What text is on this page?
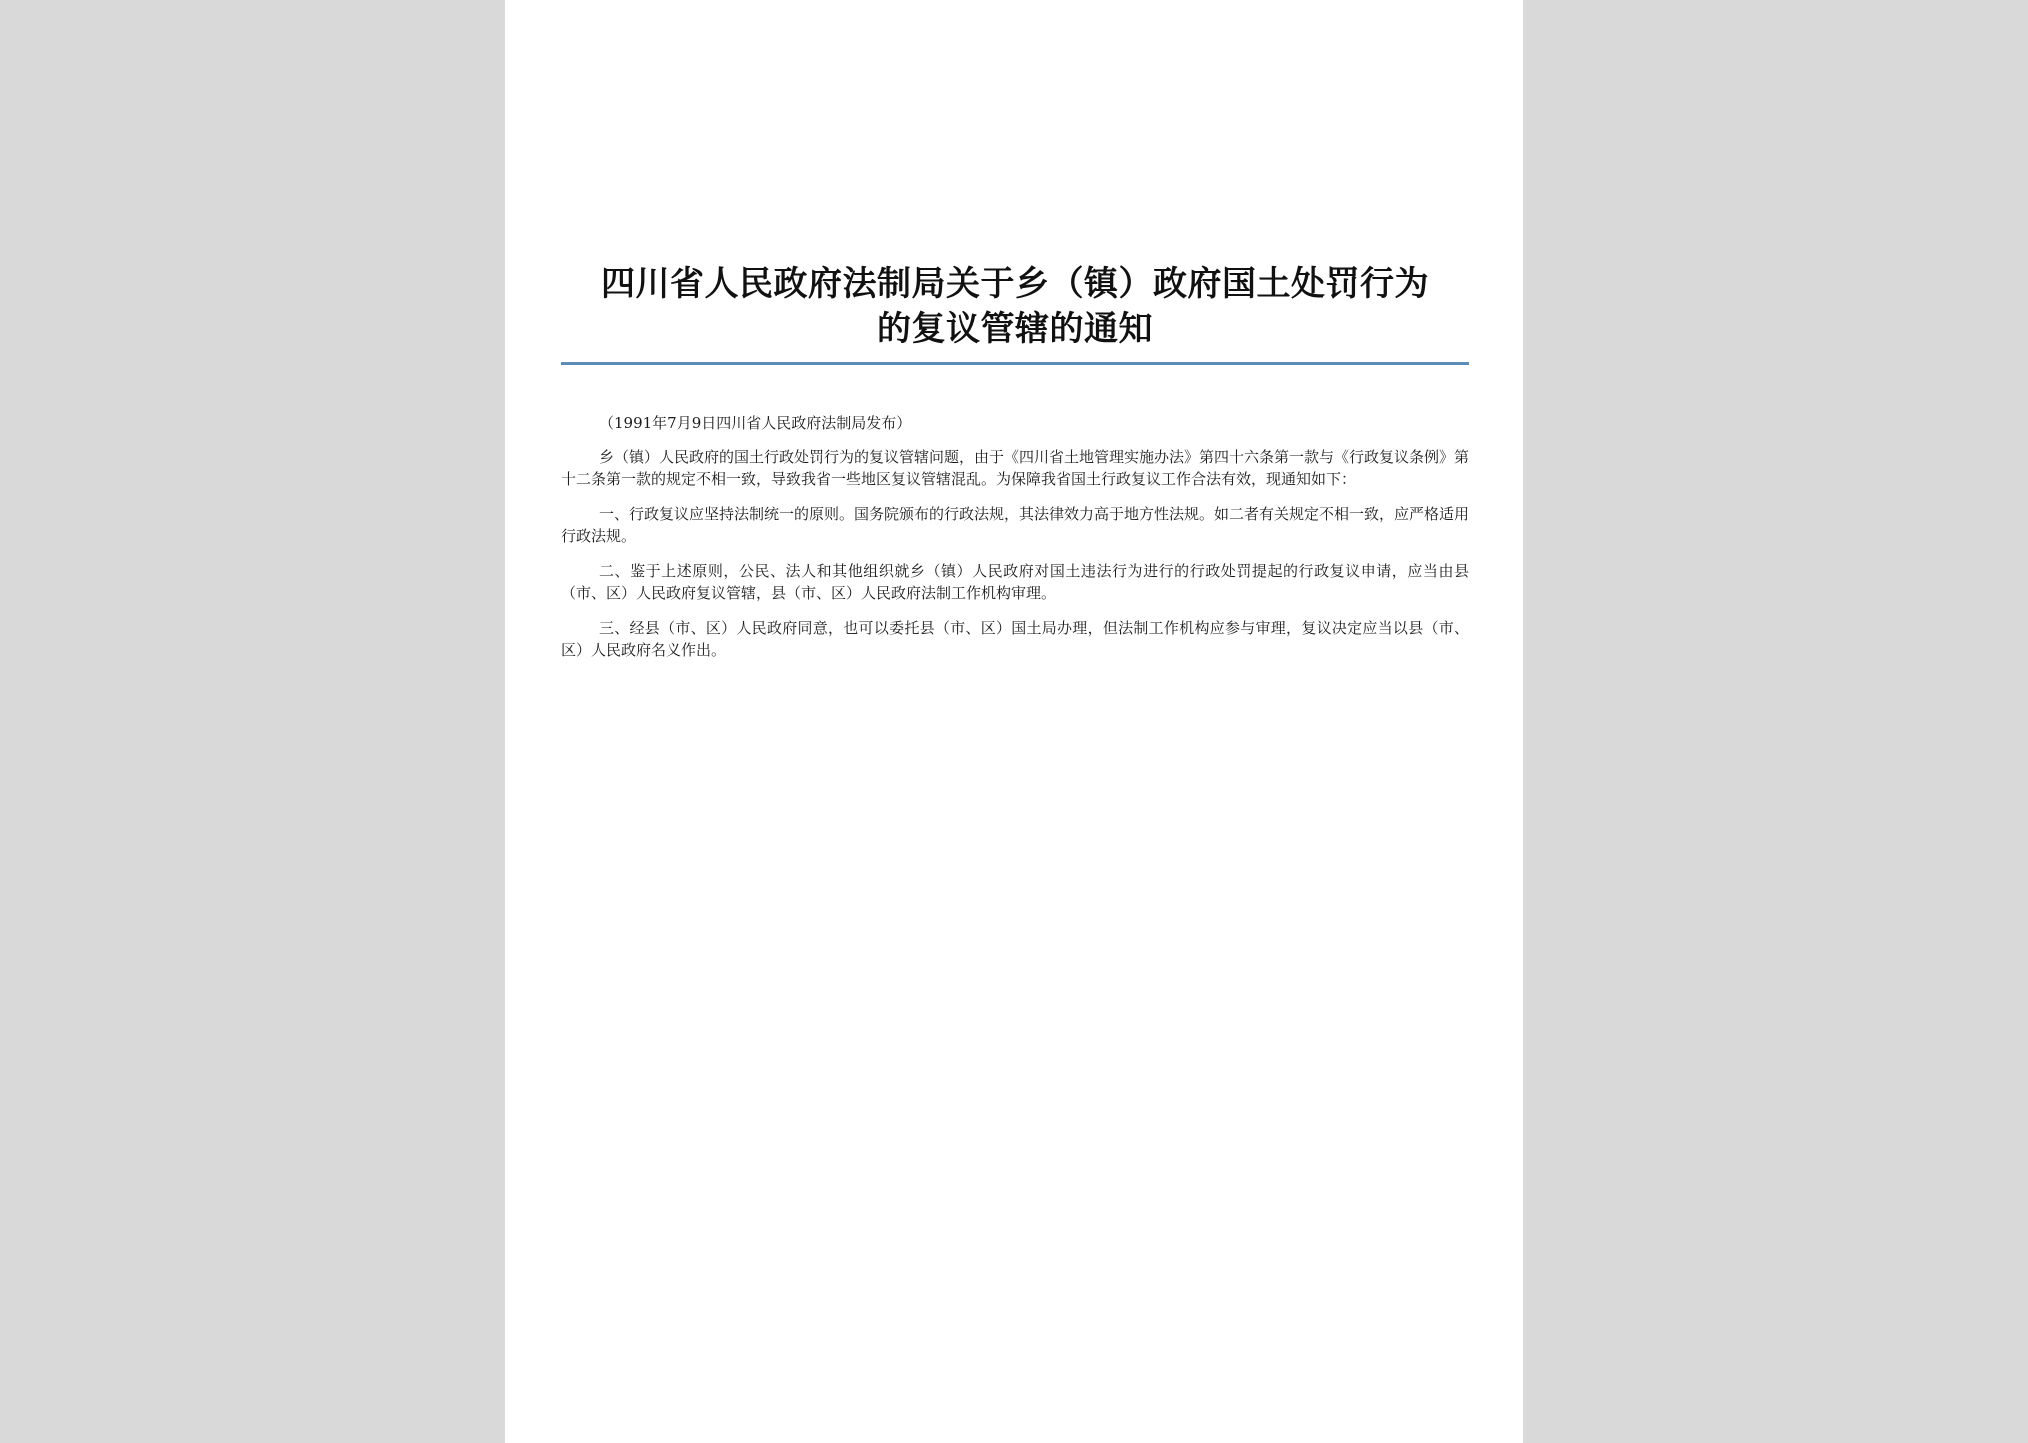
四川省人民政府法制局关于乡（镇）政府国土处罚行为
的复议管辖的通知

（1991年7月9日四川省人民政府法制局发布）

乡（镇）人民政府的国土行政处罚行为的复议管辖问题，由于《四川省土地管理实施办法》第四十六条第一款与《行政复议条例》第十二条第一款的规定不相一致，导致我省一些地区复议管辖混乱。为保障我省国土行政复议工作合法有效，现通知如下：

一、行政复议应坚持法制统一的原则。国务院颁布的行政法规，其法律效力高于地方性法规。如二者有关规定不相一致，应严格适用行政法规。

二、鉴于上述原则，公民、法人和其他组织就乡（镇）人民政府对国土违法行为进行的行政处罚提起的行政复议申请，应当由县（市、区）人民政府复议管辖，县（市、区）人民政府法制工作机构审理。

三、经县（市、区）人民政府同意，也可以委托县（市、区）国土局办理，但法制工作机构应参与审理，复议决定应当以县（市、区）人民政府名义作出。
